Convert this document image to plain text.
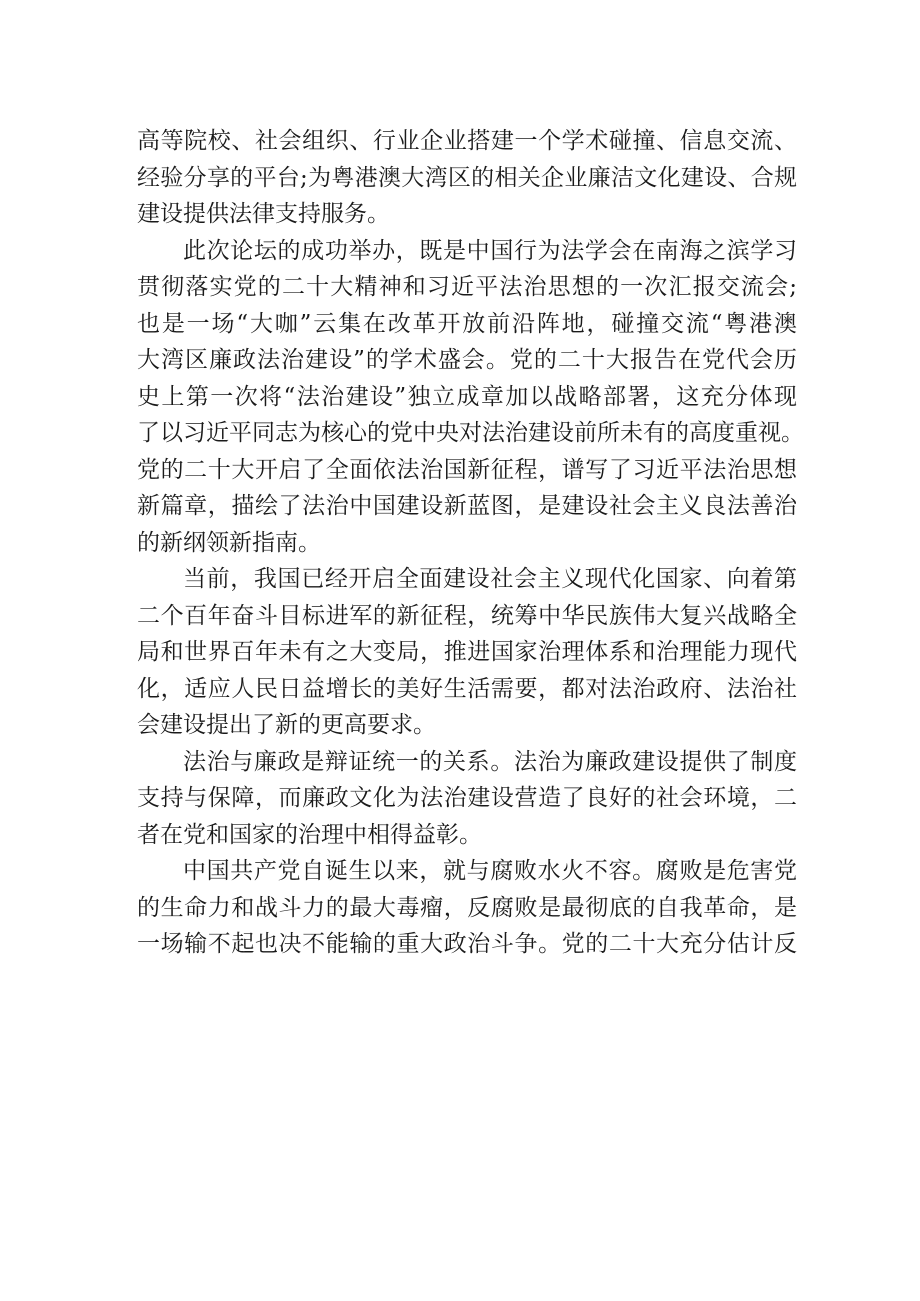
高等院校、社会组织、行业企业搭建一个学术碰撞、信息交流、
经验分享的平台;为粤港澳大湾区的相关企业廉洁文化建设、合规
建设提供法律支持服务。
此次论坛的成功举办，既是中国行为法学会在南海之滨学习
贯彻落实党的二十大精神和习近平法治思想的一次汇报交流会;
也是一场“大咖”云集在改革开放前沿阵地，碰撞交流“粤港澳
大湾区廉政法治建设”的学术盛会。党的二十大报告在党代会历
史上第一次将“法治建设”独立成章加以战略部署，这充分体现
了以习近平同志为核心的党中央对法治建设前所未有的高度重视。
党的二十大开启了全面依法治国新征程，谱写了习近平法治思想
新篇章，描绘了法治中国建设新蓝图，是建设社会主义良法善治
的新纲领新指南。
当前，我国已经开启全面建设社会主义现代化国家、向着第
二个百年奋斗目标进军的新征程，统筹中华民族伟大复兴战略全
局和世界百年未有之大变局，推进国家治理体系和治理能力现代
化，适应人民日益增长的美好生活需要，都对法治政府、法治社
会建设提出了新的更高要求。
法治与廉政是辩证统一的关系。法治为廉政建设提供了制度
支持与保障，而廉政文化为法治建设营造了良好的社会环境，二
者在党和国家的治理中相得益彰。
中国共产党自诞生以来，就与腐败水火不容。腐败是危害党
的生命力和战斗力的最大毒瘤，反腐败是最彻底的自我革命，是
一场输不起也决不能输的重大政治斗争。党的二十大充分估计反
